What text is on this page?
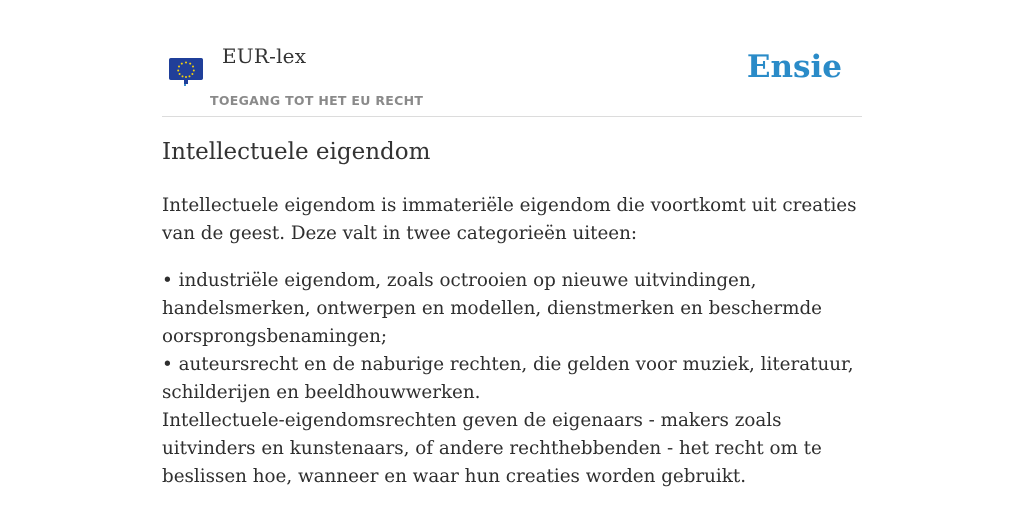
EUR-lex
TOEGANG TOT HET EU RECHT
Ensie
Intellectuele eigendom

Intellectuele eigendom is immateriële eigendom die voortkomt uit creaties van de geest. Deze valt in twee categorieën uiteen:

• industriële eigendom, zoals octrooien op nieuwe uitvindingen, handelsmerken, ontwerpen en modellen, dienstmerken en beschermde oorsprongsbenamingen;
• auteursrecht en de naburige rechten, die gelden voor muziek, literatuur, schilderijen en beeldhouwwerken.

Intellectuele-eigendomsrechten geven de eigenaars - makers zoals uitvinders en kunstenaars, of andere rechthebbenden - het recht om te beslissen hoe, wanneer en waar hun creaties worden gebruikt.
